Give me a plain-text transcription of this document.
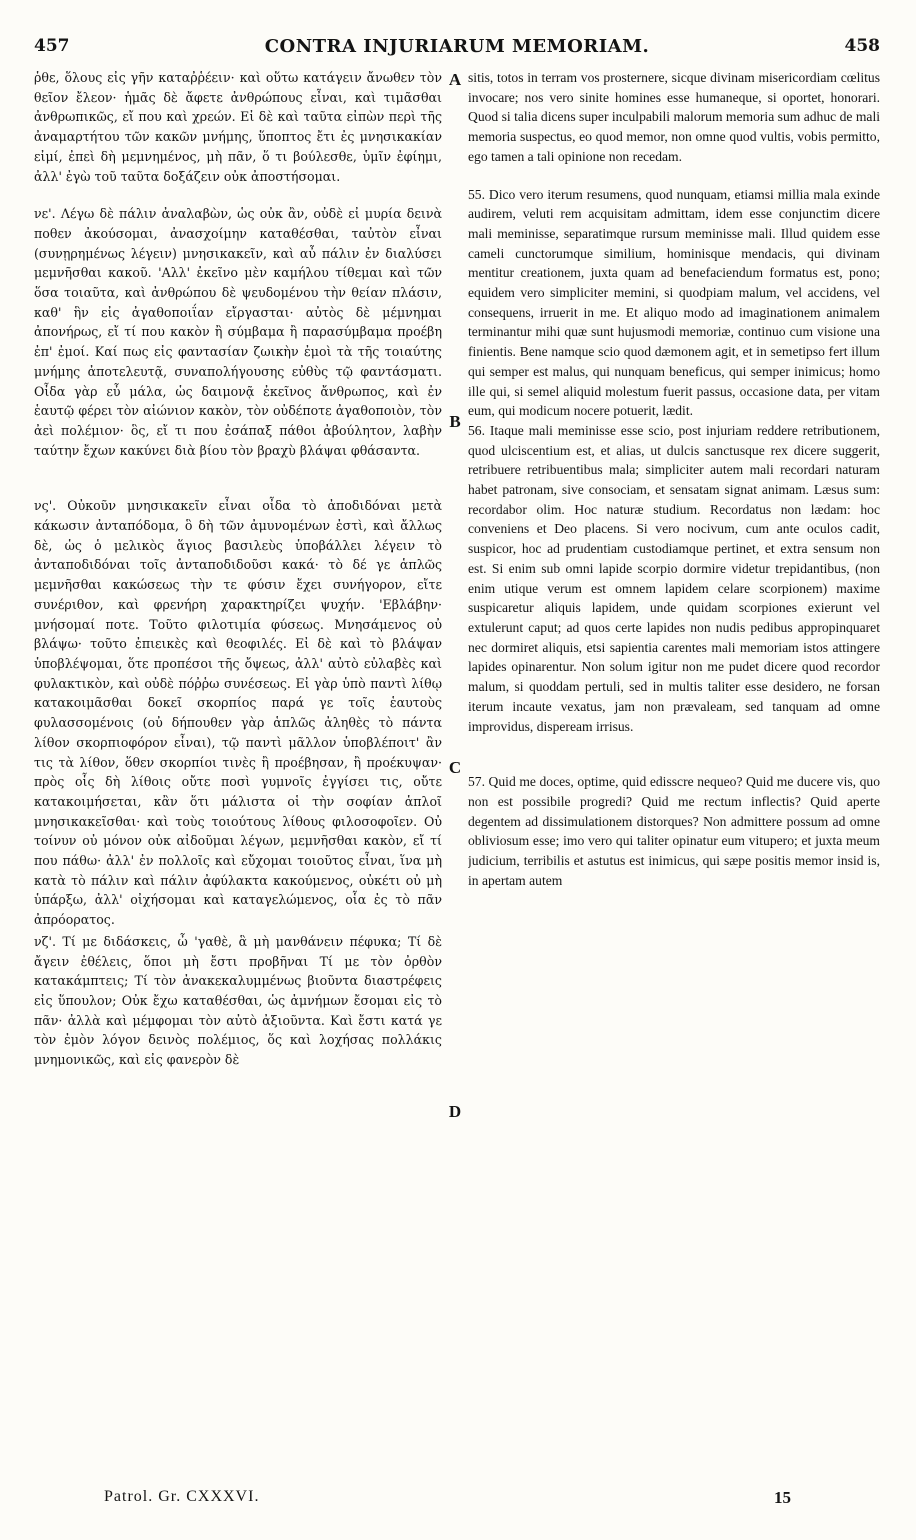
457	CONTRA INJURIARUM MEMORIAM.	458

ῥθε, ὅλους εἰς γῆν καταῤῥέειν· καὶ οὕτω κατάγειν ἄνωθεν τὸν θεῖον ἔλεον· ἡμᾶς δὲ ἄφετε ἀνθρώπους εἶναι, καὶ τιμᾶσθαι ἀνθρωπικῶς, εἴ που καὶ χρεών. Εἰ δὲ καὶ ταῦτα εἰπὼν περὶ τῆς ἀναμαρτήτου τῶν κακῶν μνήμης, ὕποπτος ἔτι ἐς μνησικακίαν εἰμί, ἐπεὶ δὴ μεμνημένος, μὴ πᾶν, ὅ τι βούλεσθε, ὑμῖν ἐφίημι, ἀλλ' ἐγὼ τοῦ ταῦτα δοξάζειν οὐκ ἀποστήσομαι.

νε'. Λέγω δὲ πάλιν ἀναλαβὼν, ὡς οὐκ ἂν, οὐδὲ εἰ μυρία δεινὰ ποθεν ἀκούσομαι, ἀνασχοίμην καταθέσθαι, ταὐτὸν εἶναι (συνῃρημένως λέγειν) μνησικακεῖν, καὶ αὖ πάλιν ἐν διαλύσει μεμνῆσθαι κακοῦ. 'Αλλ' ἐκεῖνο μὲν καμήλου τίθεμαι καὶ τῶν ὅσα τοιαῦτα, καὶ ἀνθρώπου δὲ ψευδομένου τὴν θείαν πλάσιν, καθ' ἣν εἰς ἀγαθοποιΐαν εἴργασται· αὐτὸς δὲ μέμνημαι ἀπονήρως, εἴ τί που κακὸν ἢ σύμβαμα ἢ παρασύμβαμα προέβη ἐπ' ἐμοί. Καί πως εἰς φαντασίαν ζωικὴν ἐμοὶ τὰ τῆς τοιαύτης μνήμης ἀποτελευτᾷ, συναπολήγουσης εὐθὺς τῷ φαντάσματι. Οἶδα γὰρ εὖ μάλα, ὡς δαιμονᾷ ἐκεῖνος ἄνθρωπος, καὶ ἐν ἑαυτῷ φέρει τὸν αἰώνιον κακὸν, τὸν οὐδέποτε ἀγαθοποιὸν, τὸν ἀεὶ πολέμιον· ὃς, εἴ τι που ἐσάπαξ πάθοι ἀβούλητον, λαβὴν ταύτην ἔχων κακύνει διὰ βίου τὸν βραχὺ βλάψαι φθάσαντα.

νς'. Οὐκοῦν μνησικακεῖν εἶναι οἶδα τὸ ἀποδιδόναι μετὰ κάκωσιν ἀνταπόδομα, ὃ δὴ τῶν ἀμυνομένων ἐστὶ, καὶ ἄλλως δὲ, ὡς ὁ μελικὸς ἅγιος βασιλεὺς ὑποβάλλει λέγειν τὸ ἀνταποδιδόναι τοῖς ἀνταποδιδοῦσι κακά· τὸ δέ γε ἁπλῶς μεμνῆσθαι κακώσεως τὴν τε φύσιν ἔχει συνήγορον, εἴτε συνέριθον, καὶ φρενήρη χαρακτηρίζει ψυχήν. 'Εβλάβην· μνήσομαί ποτε. Τοῦτο φιλοτιμία φύσεως. Μνησάμενος οὐ βλάψω· τοῦτο ἐπιεικὲς καὶ θεοφιλές. Εἰ δὲ καὶ τὸ βλάψαν ὑποβλέψομαι, ὅτε προπέσοι τῆς ὄψεως, ἀλλ' αὐτὸ εὐλαβὲς καὶ φυλακτικὸν, καὶ οὐδὲ πόῤῥω συνέσεως. Εἰ γὰρ ὑπὸ παντὶ λίθῳ κατακοιμᾶσθαι δοκεῖ σκορπίος παρά γε τοῖς ἑαυτοὺς φυλασσομένοις (οὐ δήπουθεν γὰρ ἁπλῶς ἀληθὲς τὸ πάντα λίθον σκορπιοφόρον εἶναι), τῷ παντὶ μᾶλλον ὑποβλέποιτ' ἂν τις τὰ λίθον, ὅθεν σκορπίοι τινὲς ἢ προέβησαν, ἢ προέκυψαν· πρὸς οἷς δὴ λίθοις οὔτε ποσὶ γυμνοῖς ἐγγίσει τις, οὔτε κατακοιμήσεται, κἂν ὅτι μάλιστα οἱ τὴν σοφίαν ἁπλοῖ μνησικακεῖσθαι· καὶ τοὺς τοιούτους λίθους φιλοσοφοῖεν. Οὐ τοίνυν οὐ μόνον οὐκ αἰδοῦμαι λέγων, μεμνῆσθαι κακὸν, εἴ τί που πάθω· ἀλλ' ἐν πολλοῖς καὶ εὔχομαι τοιοῦτος εἶναι, ἵνα μὴ κατὰ τὸ πάλιν καὶ πάλιν ἀφύλακτα κακούμενος, οὐκέτι οὐ μὴ ὑπάρξω, ἀλλ' οἰχήσομαι καὶ καταγελώμενος, οἷα ἐς τὸ πᾶν ἀπρόορατος.

νζ'. Τί με διδάσκεις, ὦ 'γαθὲ, ἃ μὴ μανθάνειν πέφυκα; Τί δὲ ἄγειν ἐθέλεις, ὅποι μὴ ἔστι προβῆναι Τί με τὸν ὀρθὸν κατακάμπτεις; Τί τὸν ἀνακεκαλυμμένως βιοῦντα διαστρέφεις εἰς ὕπουλον; Οὐκ ἔχω καταθέσθαι, ὡς ἀμνήμων ἔσομαι εἰς τὸ πᾶν· ἀλλὰ καὶ μέμφομαι τὸν αὐτὸ ἀξιοῦντα. Καὶ ἔστι κατά γε τὸν ἐμὸν λόγον δεινὸς πολέμιος, ὅς καὶ λοχήσας πολλάκις μνημονικῶς, καὶ εἰς φανερὸν δὲ

A
B
C
D

sitis, totos in terram vos prosternere, sicque divinam misericordiam cœlitus invocare; nos vero sinite homines esse humaneque, si oportet, honorari. Quod si talia dicens super inculpabili malorum memoria sum adhuc de mali memoria suspectus, eo quod memor, non omne quod vultis, vobis permitto, ego tamen a tali opinione non recedam.

55. Dico vero iterum resumens, quod nunquam, etiamsi millia mala exinde audirem, veluti rem acquisitam admittam, idem esse conjunctim dicere mali meminisse, separatimque rursum meminisse mali. Illud quidem esse cameli cunctorumque similium, hominisque mendacis, qui divinam mentitur creationem, juxta quam ad benefaciendum formatus est, pono; equidem vero simpliciter memini, si quodpiam malum, vel accidens, vel consequens, irruerit in me. Et aliquo modo ad imaginationem animalem terminantur mihi quæ sunt hujusmodi memoriæ, continuo cum visione una finientis. Bene namque scio quod dæmonem agit, et in semetipso fert illum qui semper est malus, qui nunquam beneficus, qui semper inimicus; homo ille qui, si semel aliquid molestum fuerit passus, occasione data, per vitam eum, qui modicum nocere potuerit, lædit.

56. Itaque mali meminisse esse scio, post injuriam reddere retributionem, quod ulciscentium est, et alias, ut dulcis sanctusque rex dicere suggerit, retribuere retribuentibus mala; simpliciter autem mali recordari naturam habet patronam, sive consociam, et sensatam signat animam. Læsus sum: recordabor olim. Hoc naturæ studium. Recordatus non lædam: hoc conveniens et Deo placens. Si vero nocivum, cum ante oculos cadit, suspicor, hoc ad prudentiam custodiamque pertinet, et extra sensum non est. Si enim sub omni lapide scorpio dormire videtur trepidantibus, (non enim utique verum est omnem lapidem celare scorpionem) maxime suspicaretur aliquis lapidem, unde quidam scorpiones exierunt vel extulerunt caput; ad quos certe lapides non nudis pedibus appropinquaret nec dormiret aliquis, etsi sapientia carentes mali memoriam istos attingere lapides opinarentur. Non solum igitur non me pudet dicere quod recordor malum, si quoddam pertuli, sed in multis taliter esse desidero, ne forsan iterum incaute vexatus, jam non prævaleam, sed tanquam ad omne improvidus, dispeream irrisus.

57. Quid me doces, optime, quid edisscre nequeo? Quid me ducere vis, quo non est possibile progredi? Quid me rectum inflectis? Quid aperte degentem ad dissimulationem distorques? Non admittere possum ad omne obliviosum esse; imo vero qui taliter opinatur eum vitupero; et juxta meum judicium, terribilis et astutus est inimicus, qui sæpe positis memor insid is, in apertam autem

Patrol. Gr. CXXXVI.	15
